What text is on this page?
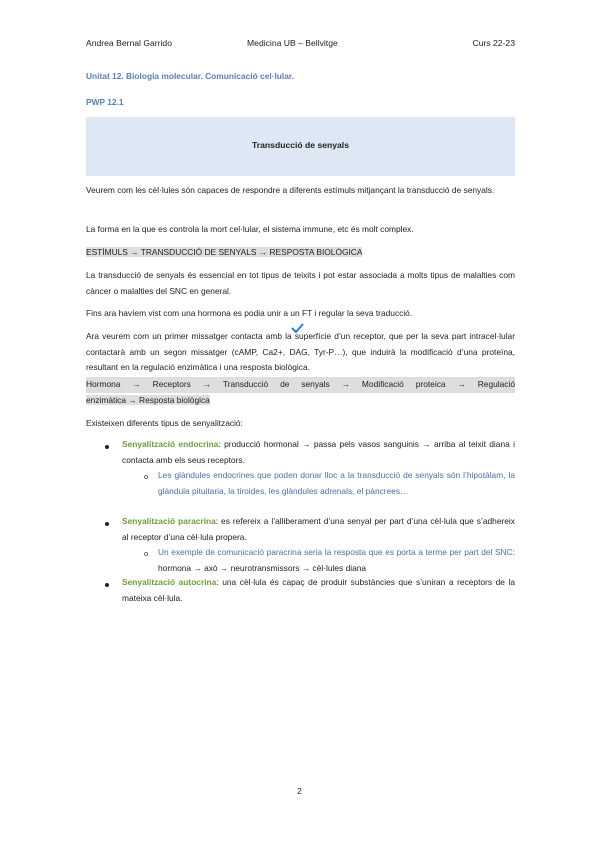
Andrea Bernal Garrido	Medicina UB – Bellvitge	Curs 22-23
Unitat 12. Biologia molecular. Comunicació cel·lular.
PWP 12.1
Transducció de senyals
Veurem com les cèl·lules són capaces de respondre a diferents estímuls mitjançant la transducció de senyals.
La forma en la que es controla la mort cel·lular, el sistema immune, etc és molt complex.
ESTÍMULS → TRANSDUCCIÓ DE SENYALS → RESPOSTA BIOLÒGICA
La transducció de senyals és essencial en tot tipus de teixits i pot estar associada a molts tipus de malalties com càncer o malalties del SNC en general.
Fins ara havíem vist com una hormona es podia unir a un FT i regular la seva traducció.
Ara veurem com un primer missatger contacta amb la superfície d’un receptor, que per la seva part intracel·lular contactarà amb un segon missatger (cAMP, Ca2+, DAG, Tyr-P…), que induirà la modificació d’una proteïna, resultant en la regulació enzimàtica i una resposta biològica.
Hormona → Receptors → Transducció de senyals → Modificació proteica → Regulació
enzimàtica → Resposta biològica
Existeixen diferents tipus de senyalització:
Senyalització endocrina: producció hormonal → passa pels vasos sanguinis → arriba al teixit diana i contacta amb els seus receptors.
o Les glàndules endocrines que poden donar lloc a la transducció de senyals són l’hipotàlam, la glàndula pituitaria, la tiroides, les glàndules adrenals, el pàncrees…
Senyalització paracrina: es refereix a l’alliberament d’una senyal per part d’una cèl·lula que s’adhereix al receptor d’una cèl·lula propera.
o Un exemple de comunicació paracrina seria la resposta que es porta a terme per part del SNC: hormona → axó → neurotransmissors → cèl·lules diana
Senyalització autocrina: una cèl·lula és capaç de produir substàncies que s’uniran a receptors de la mateixa cèl·lula.
2
